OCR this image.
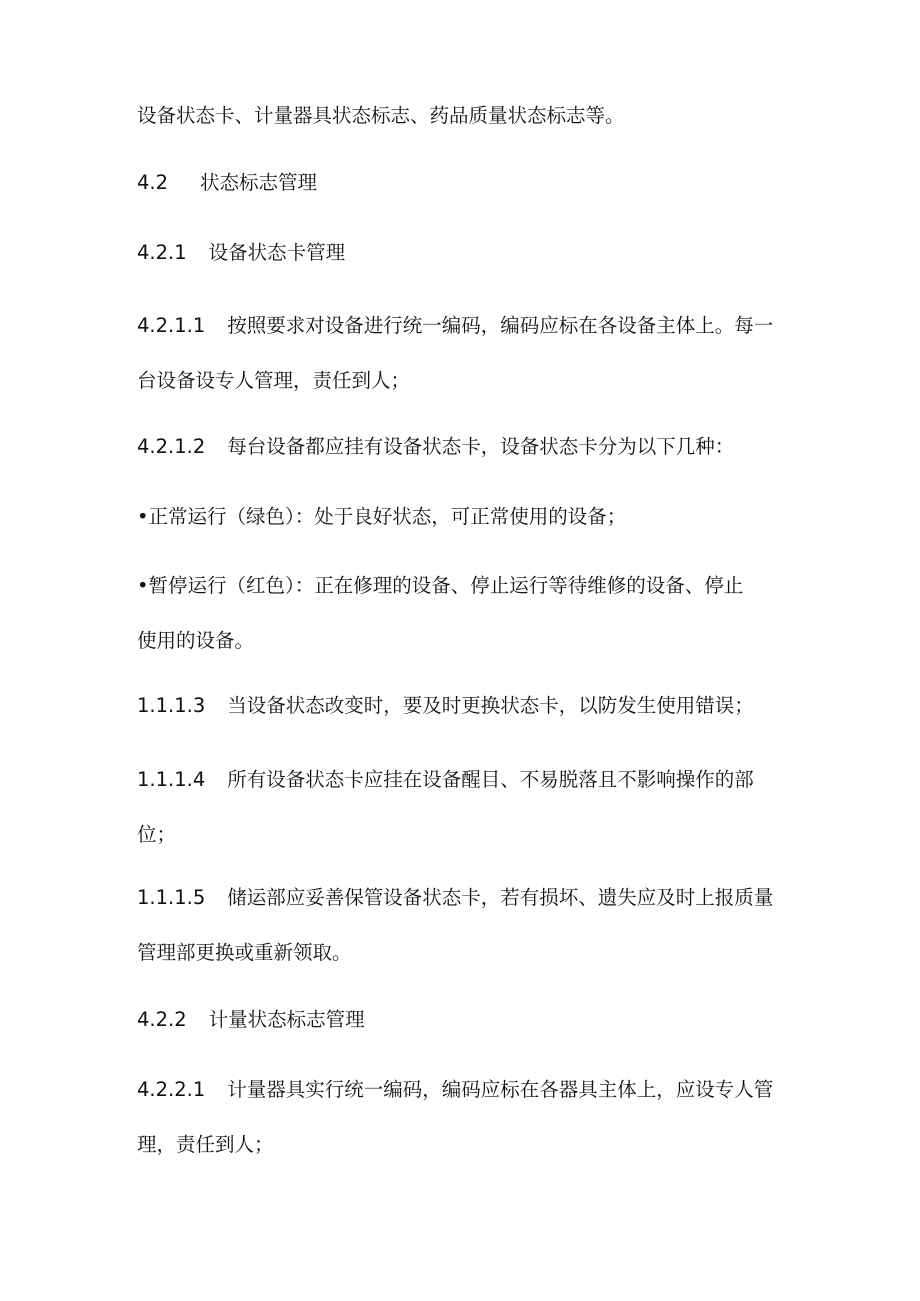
设备状态卡、计量器具状态标志、药品质量状态标志等。

4.2 状态标志管理

4.2.1 设备状态卡管理

4.2.1.1 按照要求对设备进行统一编码，编码应标在各设备主体上。每一
台设备设专人管理，责任到人；

4.2.1.2 每台设备都应挂有设备状态卡，设备状态卡分为以下几种：

•正常运行（绿色）：处于良好状态，可正常使用的设备；

•暂停运行（红色）：正在修理的设备、停止运行等待维修的设备、停止
使用的设备。

1.1.1.3 当设备状态改变时，要及时更换状态卡，以防发生使用错误；

1.1.1.4 所有设备状态卡应挂在设备醒目、不易脱落且不影响操作的部
位；

1.1.1.5 储运部应妥善保管设备状态卡，若有损坏、遗失应及时上报质量
管理部更换或重新领取。

4.2.2 计量状态标志管理

4.2.2.1 计量器具实行统一编码，编码应标在各器具主体上，应设专人管
理，责任到人；
